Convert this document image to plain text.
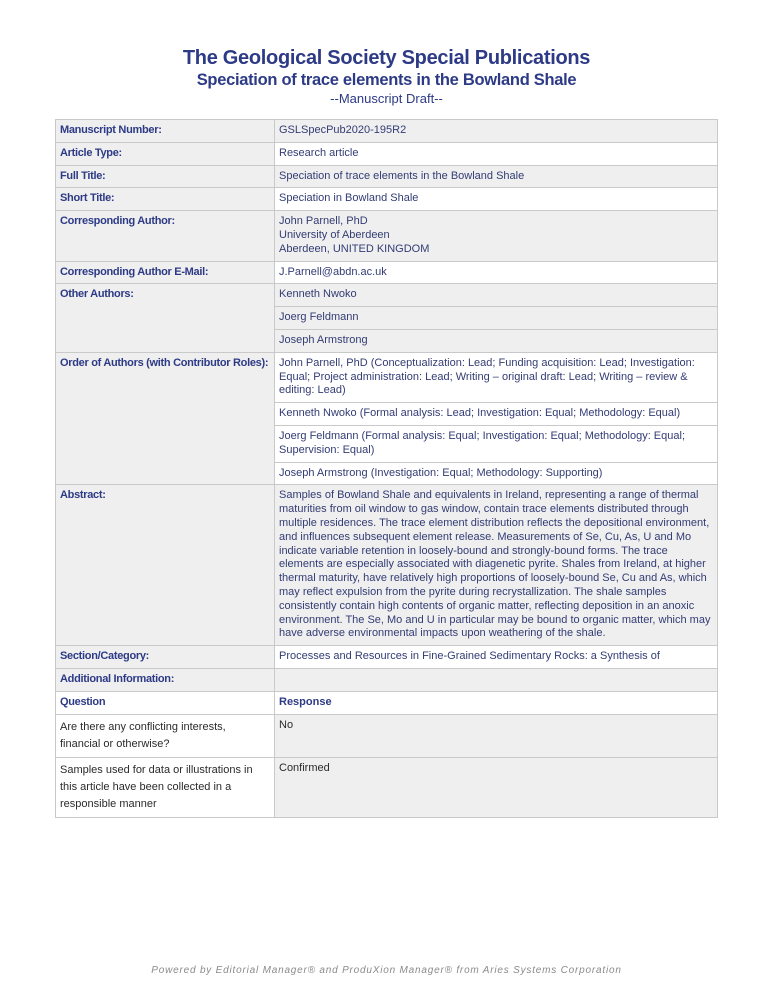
The Geological Society Special Publications
Speciation of trace elements in the Bowland Shale
--Manuscript Draft--
Manuscript Number:	GSLSpecPub2020-195R2
Article Type:	Research article
Full Title:	Speciation of trace elements in the Bowland Shale
Short Title:	Speciation in Bowland Shale
Corresponding Author:	John Parnell, PhD
University of Aberdeen
Aberdeen, UNITED KINGDOM

Corresponding Author E-Mail:	J.Parnell@abdn.ac.uk
Other Authors:	Kenneth Nwoko
	Joerg Feldmann
	Joseph Armstrong
Order of Authors (with Contributor Roles):	John Parnell, PhD (Conceptualization: Lead; Funding acquisition: Lead; Investigation: Equal; Project administration: Lead; Writing – original draft: Lead; Writing – review & editing: Lead)
	Kenneth Nwoko (Formal analysis: Lead; Investigation: Equal; Methodology: Equal)
	Joerg Feldmann (Formal analysis: Equal; Investigation: Equal; Methodology: Equal; Supervision: Equal)
	Joseph Armstrong (Investigation: Equal; Methodology: Supporting)
Abstract:	Samples of Bowland Shale and equivalents in Ireland, representing a range of thermal maturities from oil window to gas window, contain trace elements distributed through multiple residences. The trace element distribution reflects the depositional environment, and influences subsequent element release. Measurements of Se, Cu, As, U and Mo indicate variable retention in loosely-bound and strongly-bound forms. The trace elements are especially associated with diagenetic pyrite. Shales from Ireland, at higher thermal maturity, have relatively high proportions of loosely-bound Se, Cu and As, which may reflect expulsion from the pyrite during recrystallization. The shale samples consistently contain high contents of organic matter, reflecting deposition in an anoxic environment. The Se, Mo and U in particular may be bound to organic matter, which may have adverse environmental impacts upon weathering of the shale.
Section/Category:	Processes and Resources in Fine-Grained Sedimentary Rocks: a Synthesis of
Additional Information:	
Question	Response

Are there any conflicting interests,
financial or otherwise?	No

Samples used for data or illustrations in
this article have been collected in a
responsible manner	Confirmed
Powered by Editorial Manager® and ProduXion Manager® from Aries Systems Corporation
